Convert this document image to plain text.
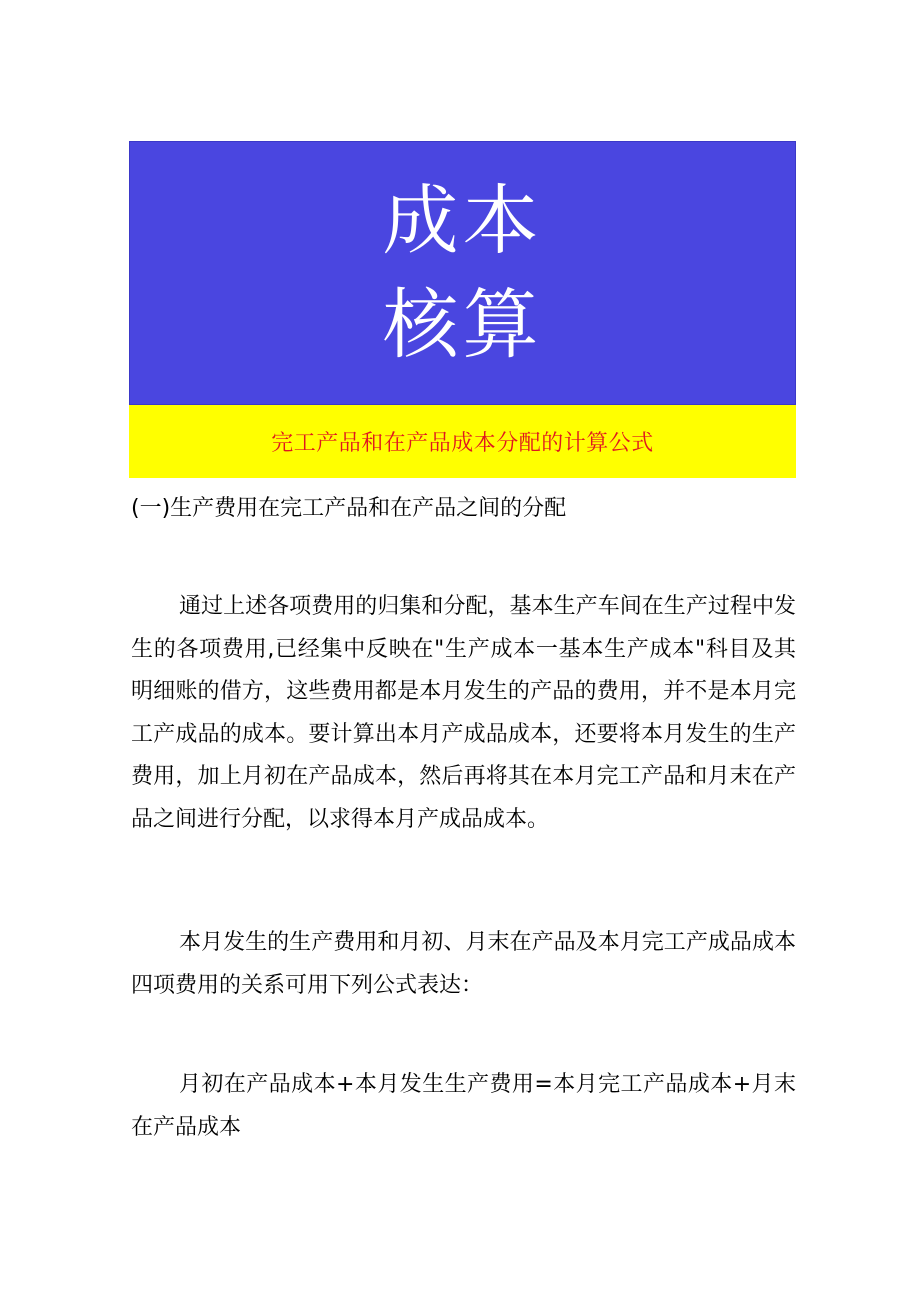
成本
核算
完工产品和在产品成本分配的计算公式
(一)生产费用在完工产品和在产品之间的分配

通过上述各项费用的归集和分配，基本生产车间在生产过程中发生的各项费用,已经集中反映在"生产成本一基本生产成本"科目及其明细账的借方，这些费用都是本月发生的产品的费用，并不是本月完工产成品的成本。要计算出本月产成品成本，还要将本月发生的生产费用，加上月初在产品成本，然后再将其在本月完工产品和月末在产品之间进行分配，以求得本月产成品成本。

本月发生的生产费用和月初、月末在产品及本月完工产成品成本四项费用的关系可用下列公式表达：

月初在产品成本+本月发生生产费用=本月完工产品成本+月末在产品成本
